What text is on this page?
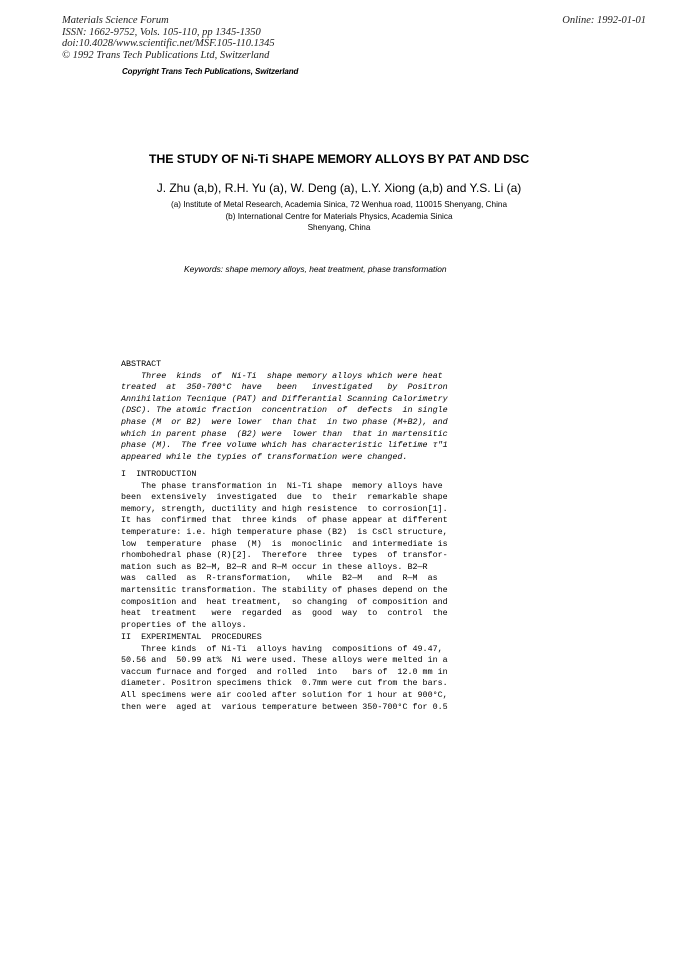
Materials Science Forum
ISSN: 1662-9752, Vols. 105-110, pp 1345-1350
doi:10.4028/www.scientific.net/MSF.105-110.1345
© 1992 Trans Tech Publications Ltd, Switzerland
Online: 1992-01-01
Copyright Trans Tech Publications, Switzerland
THE STUDY OF Ni-Ti SHAPE MEMORY ALLOYS BY PAT AND DSC
J. Zhu (a,b), R.H. Yu (a), W. Deng (a), L.Y. Xiong (a,b) and Y.S. Li (a)
(a) Institute of Metal Research, Academia Sinica, 72 Wenhua road, 110015 Shenyang, China
(b) International Centre for Materials Physics, Academia Sinica
Shenyang, China
Keywords: shape memory alloys, heat treatment, phase transformation
ABSTRACT
Three  kinds  of  Ni-Ti  shape memory alloys which were heat
treated  at  350-700°C  have   been   investigated   by  Positron
Annihilation Tecnique (PAT) and Differantial Scanning Calorimetry
(DSC). The atomic fraction  concentration  of  defects  in single
phase (M  or B2)  were lower  than that  in two phase (M+B2), and
which in parent phase  (B2) were  lower than  that in martensitic
phase (M).  The free volume which has characteristic lifetime τ"1
appeared while the typies of transformation were changed.
I  INTRODUCTION
The phase transformation in  Ni-Ti shape  memory alloys have
been  extensively  investigated  due  to  their  remarkable shape
memory, strength, ductility and high resistence  to corrosion[1].
It has  confirmed that  three kinds  of phase appear at different
temperature: i.e. high temperature phase (B2)  is CsCl structure,
low  temperature  phase  (M)  is  monoclinic  and intermediate is
rhombohedral phase (R)[2].  Therefore  three  types  of transfor-
mation such as B2—M, B2—R and R—M occur in these alloys. B2—R
was  called  as  R-transformation,   while  B2—M   and  R—M  as
martensitic transformation. The stability of phases depend on the
composition and  heat treatment,  so changing  of composition and
heat  treatment   were  regarded  as  good  way  to  control  the
properties of the alloys.
II  EXPERIMENTAL  PROCEDURES
Three kinds  of Ni-Ti  alloys having  compositions of 49.47,
50.56 and  50.99 at%  Ni were used. These alloys were melted in a
vaccum furnace and forged  and rolled  into   bars of  12.0 mm in
diameter. Positron specimens thick  0.7mm were cut from the bars.
All specimens were air cooled after solution for 1 hour at 900°C,
then were  aged at  various temperature between 350-700°C for 0.5
